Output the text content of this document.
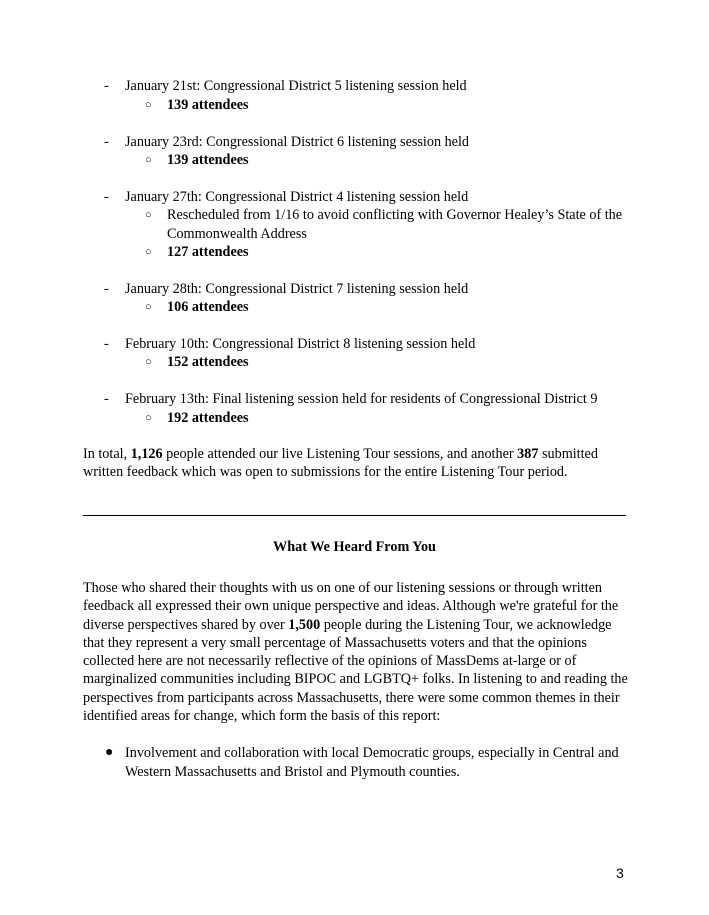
- January 21st: Congressional District 5 listening session held
○ 139 attendees
- January 23rd: Congressional District 6 listening session held
○ 139 attendees
- January 27th: Congressional District 4 listening session held
○ Rescheduled from 1/16 to avoid conflicting with Governor Healey’s State of the
Commonwealth Address
○ 127 attendees
- January 28th: Congressional District 7 listening session held
○ 106 attendees
- February 10th: Congressional District 8 listening session held
○ 152 attendees
- February 13th: Final listening session held for residents of Congressional District 9
○ 192 attendees

In total, 1,126 people attended our live Listening Tour sessions, and another 387 submitted

written feedback which was open to submissions for the entire Listening Tour period.

What We Heard From You

Those who shared their thoughts with us on one of our listening sessions or through written

feedback all expressed their own unique perspective and ideas. Although we're grateful for the

diverse perspectives shared by over 1,500 people during the Listening Tour, we acknowledge

that they represent a very small percentage of Massachusetts voters and that the opinions

collected here are not necessarily reflective of the opinions of MassDems at-large or of

marginalized communities including BIPOC and LGBTQ+ folks. In listening to and reading the

perspectives from participants across Massachusetts, there were some common themes in their

identified areas for change, which form the basis of this report:

● Involvement and collaboration with local Democratic groups, especially in Central and
Western Massachusetts and Bristol and Plymouth counties.
3
